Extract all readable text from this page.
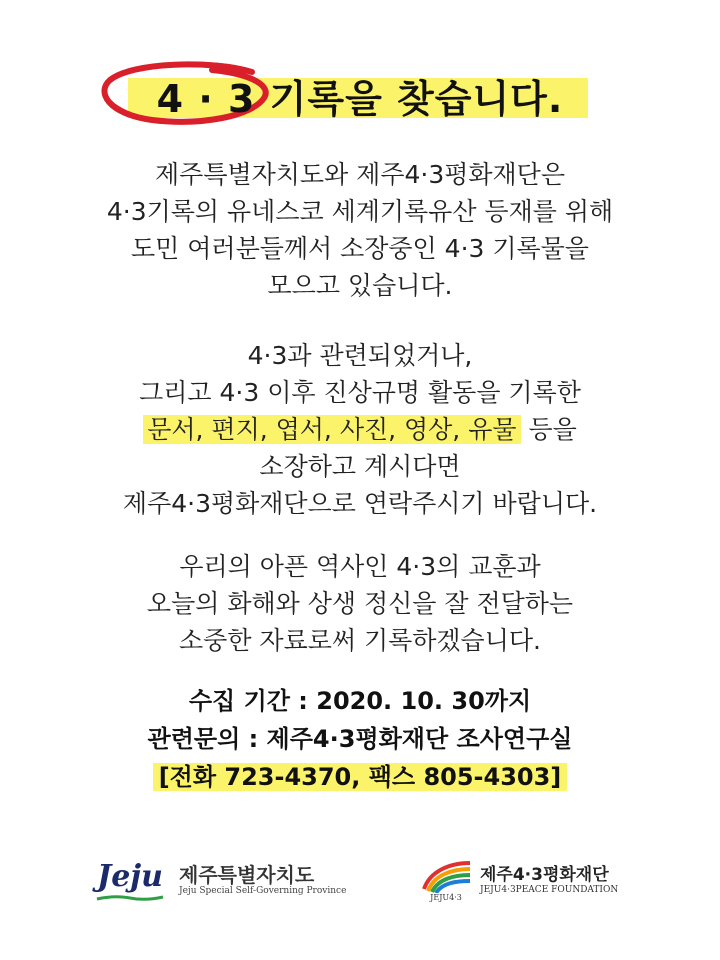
4 · 3 기록을 찾습니다.
제주특별자치도와 제주4·3평화재단은
4·3기록의 유네스코 세계기록유산 등재를 위해
도민 여러분들께서 소장중인 4·3 기록물을
모으고 있습니다.
4·3과 관련되었거나,
그리고 4·3 이후 진상규명 활동을 기록한
문서, 편지, 엽서, 사진, 영상, 유물 등을
소장하고 계시다면
제주4·3평화재단으로 연락주시기 바랍니다.
우리의 아픈 역사인 4·3의 교훈과
오늘의 화해와 상생 정신을 잘 전달하는
소중한 자료로써 기록하겠습니다.
수집 기간 : 2020. 10. 30까지
관련문의 : 제주4·3평화재단 조사연구실
[전화 723-4370, 팩스 805-4303]
Jeju 제주특별자치도
Jeju Special Self-Governing Province
JEJU4·3
제주4·3평화재단
JEJU4·3PEACE FOUNDATION
